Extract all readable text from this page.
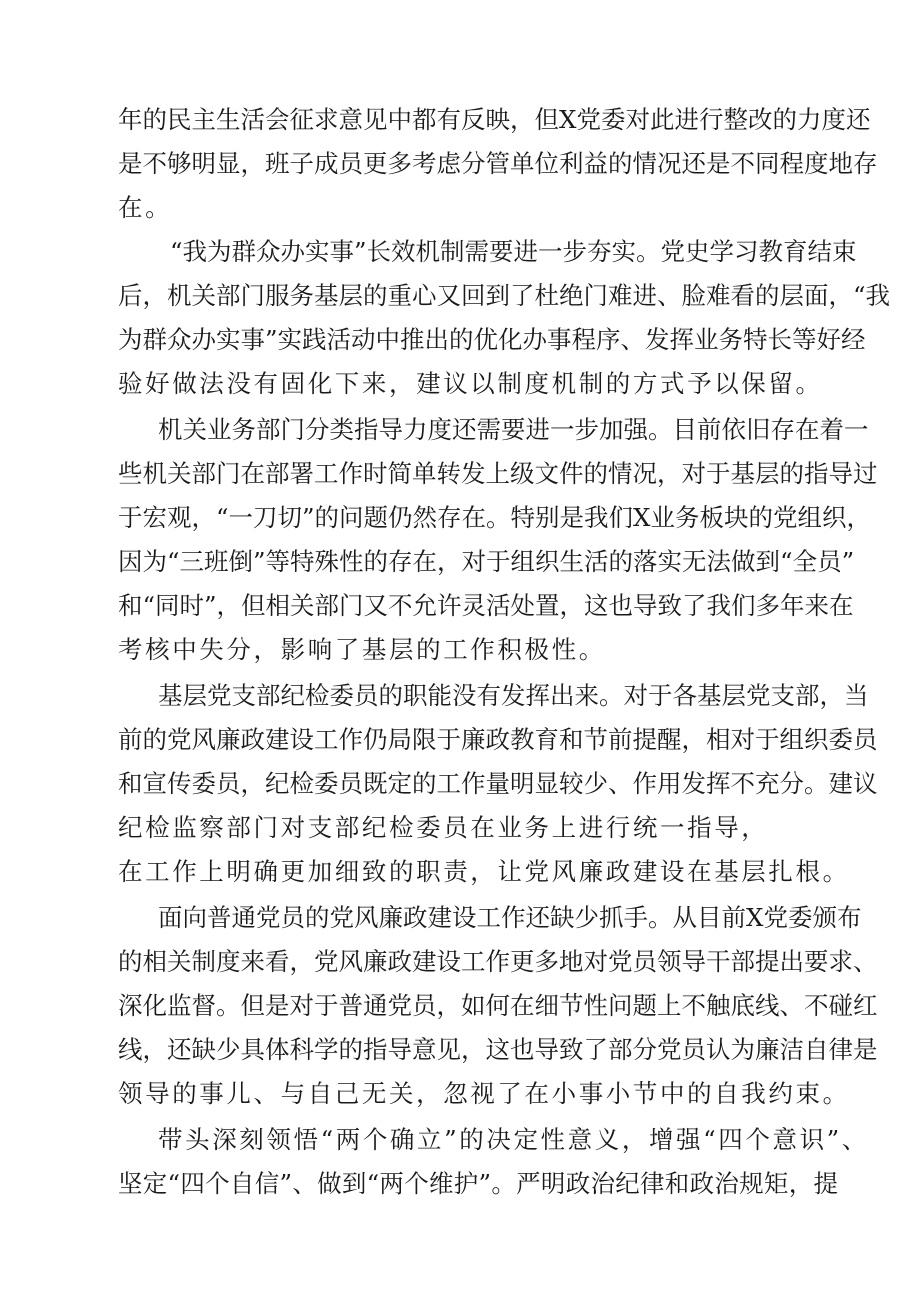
年的民主生活会征求意见中都有反映，但X党委对此进行整改的力度还
是不够明显，班子成员更多考虑分管单位利益的情况还是不同程度地存
在。
“我为群众办实事”长效机制需要进一步夯实。党史学习教育结束
后，机关部门服务基层的重心又回到了杜绝门难进、脸难看的层面，“我
为群众办实事”实践活动中推出的优化办事程序、发挥业务特长等好经
验好做法没有固化下来，建议以制度机制的方式予以保留。
机关业务部门分类指导力度还需要进一步加强。目前依旧存在着一
些机关部门在部署工作时简单转发上级文件的情况，对于基层的指导过
于宏观，“一刀切”的问题仍然存在。特别是我们X业务板块的党组织，
因为“三班倒”等特殊性的存在，对于组织生活的落实无法做到“全员”
和“同时”，但相关部门又不允许灵活处置，这也导致了我们多年来在
考核中失分，影响了基层的工作积极性。
基层党支部纪检委员的职能没有发挥出来。对于各基层党支部，当
前的党风廉政建设工作仍局限于廉政教育和节前提醒，相对于组织委员
和宣传委员，纪检委员既定的工作量明显较少、作用发挥不充分。建议
纪检监察部门对支部纪检委员在业务上进行统一指导，
在工作上明确更加细致的职责，让党风廉政建设在基层扎根。
面向普通党员的党风廉政建设工作还缺少抓手。从目前X党委颁布
的相关制度来看，党风廉政建设工作更多地对党员领导干部提出要求、
深化监督。但是对于普通党员，如何在细节性问题上不触底线、不碰红
线，还缺少具体科学的指导意见，这也导致了部分党员认为廉洁自律是
领导的事儿、与自己无关，忽视了在小事小节中的自我约束。
带头深刻领悟“两个确立”的决定性意义，增强“四个意识”、
坚定“四个自信”、做到“两个维护”。严明政治纪律和政治规矩，提
